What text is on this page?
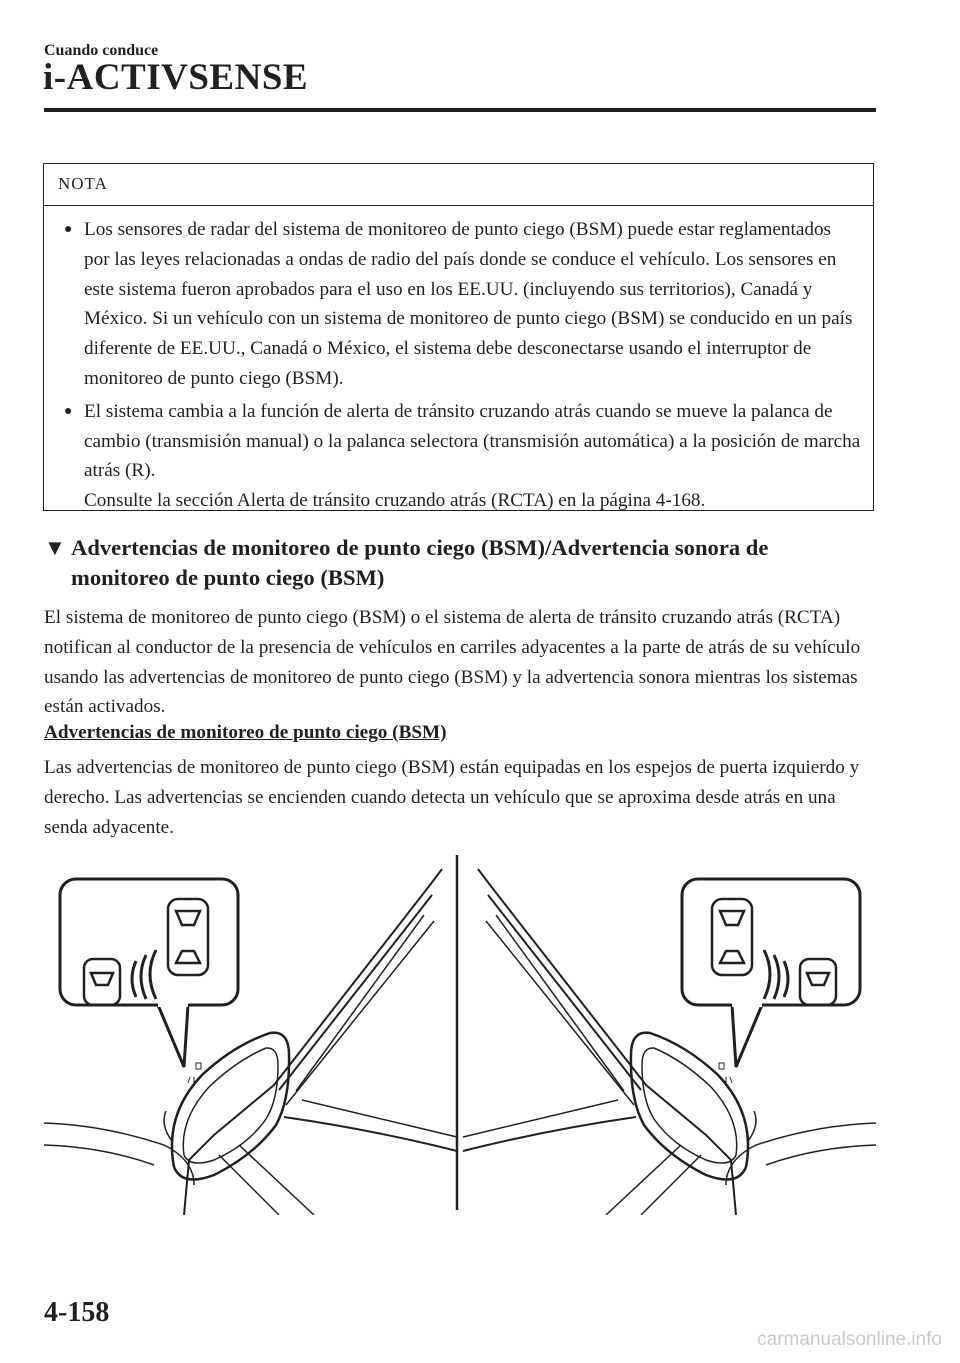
Cuando conduce
i-ACTIVSENSE
NOTA
● Los sensores de radar del sistema de monitoreo de punto ciego (BSM) puede estar reglamentados por las leyes relacionadas a ondas de radio del país donde se conduce el vehículo. Los sensores en este sistema fueron aprobados para el uso en los EE.UU. (incluyendo sus territorios), Canadá y México. Si un vehículo con un sistema de monitoreo de punto ciego (BSM) se conducido en un país diferente de EE.UU., Canadá o México, el sistema debe desconectarse usando el interruptor de monitoreo de punto ciego (BSM).
● El sistema cambia a la función de alerta de tránsito cruzando atrás cuando se mueve la palanca de cambio (transmisión manual) o la palanca selectora (transmisión automática) a la posición de marcha atrás (R).
Consulte la sección Alerta de tránsito cruzando atrás (RCTA) en la página 4-168.
▼ Advertencias de monitoreo de punto ciego (BSM)/Advertencia sonora de
monitoreo de punto ciego (BSM)
El sistema de monitoreo de punto ciego (BSM) o el sistema de alerta de tránsito cruzando atrás (RCTA) notifican al conductor de la presencia de vehículos en carriles adyacentes a la parte de atrás de su vehículo usando las advertencias de monitoreo de punto ciego (BSM) y la advertencia sonora mientras los sistemas están activados.
Advertencias de monitoreo de punto ciego (BSM)
Las advertencias de monitoreo de punto ciego (BSM) están equipadas en los espejos de puerta izquierdo y derecho. Las advertencias se encienden cuando detecta un vehículo que se aproxima desde atrás en una senda adyacente.
4-158
carmanualsonline.info
